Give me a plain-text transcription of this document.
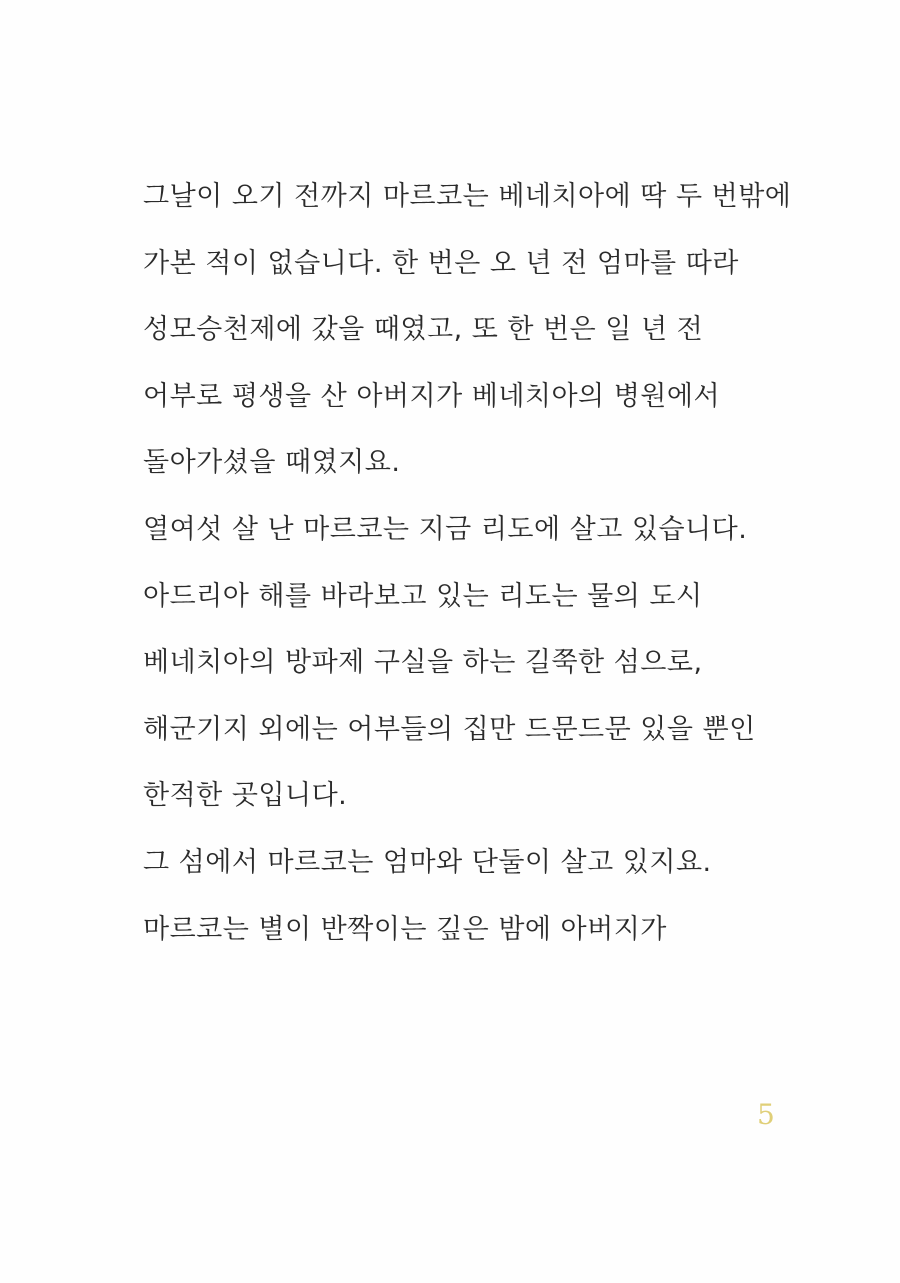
그날이 오기 전까지 마르코는 베네치아에 딱 두 번밖에
가본 적이 없습니다. 한 번은 오 년 전 엄마를 따라
성모승천제에 갔을 때였고, 또 한 번은 일 년 전
어부로 평생을 산 아버지가 베네치아의 병원에서
돌아가셨을 때였지요.
열여섯 살 난 마르코는 지금 리도에 살고 있습니다.
아드리아 해를 바라보고 있는 리도는 물의 도시
베네치아의 방파제 구실을 하는 길쭉한 섬으로,
해군기지 외에는 어부들의 집만 드문드문 있을 뿐인
한적한 곳입니다.
그 섬에서 마르코는 엄마와 단둘이 살고 있지요.
마르코는 별이 반짝이는 깊은 밤에 아버지가
5
